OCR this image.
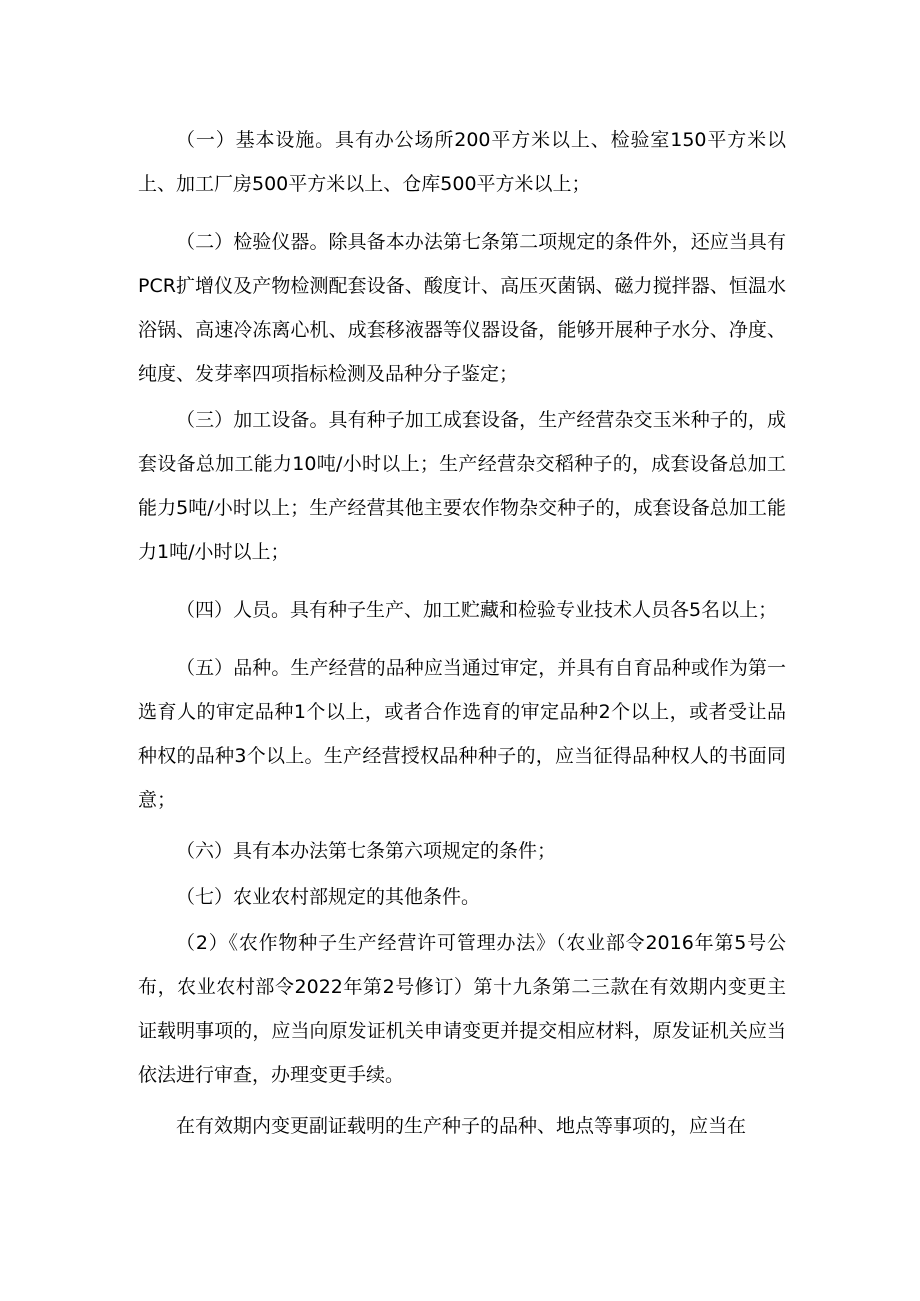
（一）基本设施。具有办公场所200平方米以上、检验室150平方米以上、加工厂房500平方米以上、仓库500平方米以上；

（二）检验仪器。除具备本办法第七条第二项规定的条件外，还应当具有PCR扩增仪及产物检测配套设备、酸度计、高压灭菌锅、磁力搅拌器、恒温水浴锅、高速冷冻离心机、成套移液器等仪器设备，能够开展种子水分、净度、纯度、发芽率四项指标检测及品种分子鉴定；

（三）加工设备。具有种子加工成套设备，生产经营杂交玉米种子的，成套设备总加工能力10吨/小时以上；生产经营杂交稻种子的，成套设备总加工能力5吨/小时以上；生产经营其他主要农作物杂交种子的，成套设备总加工能力1吨/小时以上；

（四）人员。具有种子生产、加工贮藏和检验专业技术人员各5名以上；

（五）品种。生产经营的品种应当通过审定，并具有自育品种或作为第一选育人的审定品种1个以上，或者合作选育的审定品种2个以上，或者受让品种权的品种3个以上。生产经营授权品种种子的，应当征得品种权人的书面同意；

（六）具有本办法第七条第六项规定的条件；

（七）农业农村部规定的其他条件。

（2）《农作物种子生产经营许可管理办法》（农业部令2016年第5号公布，农业农村部令2022年第2号修订）第十九条第二三款在有效期内变更主证载明事项的，应当向原发证机关申请变更并提交相应材料，原发证机关应当依法进行审查，办理变更手续。

在有效期内变更副证载明的生产种子的品种、地点等事项的，应当在
